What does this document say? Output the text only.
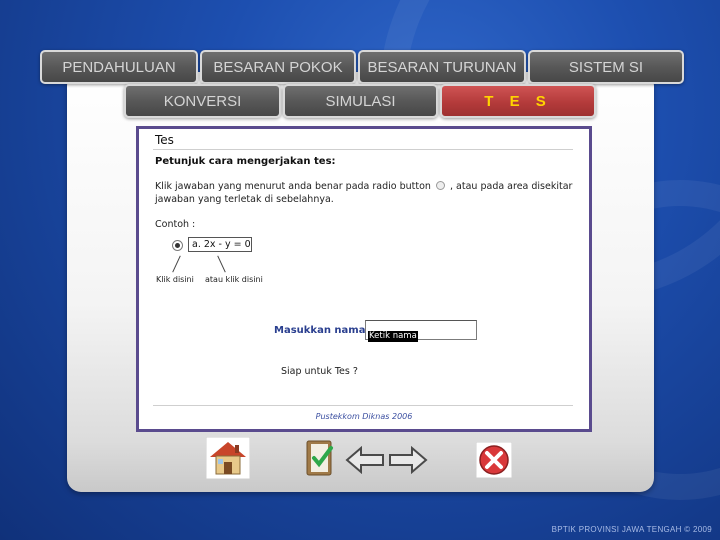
PENDAHULUAN	BESARAN POKOK	BESARAN TURUNAN	SISTEM SI
KONVERSI	SIMULASI	T E S
Tes
Petunjuk cara mengerjakan tes:
Klik jawaban yang menurut anda benar pada radio button , atau pada area disekitar jawaban yang terletak di sebelahnya.
Contoh :
a. 2x - y = 0
Klik disini atau klik disini
Masukkan nama Ketik nama
Siap untuk Tes ?
Pustekkom Diknas 2006
BPTIK PROVINSI JAWA TENGAH © 2009
